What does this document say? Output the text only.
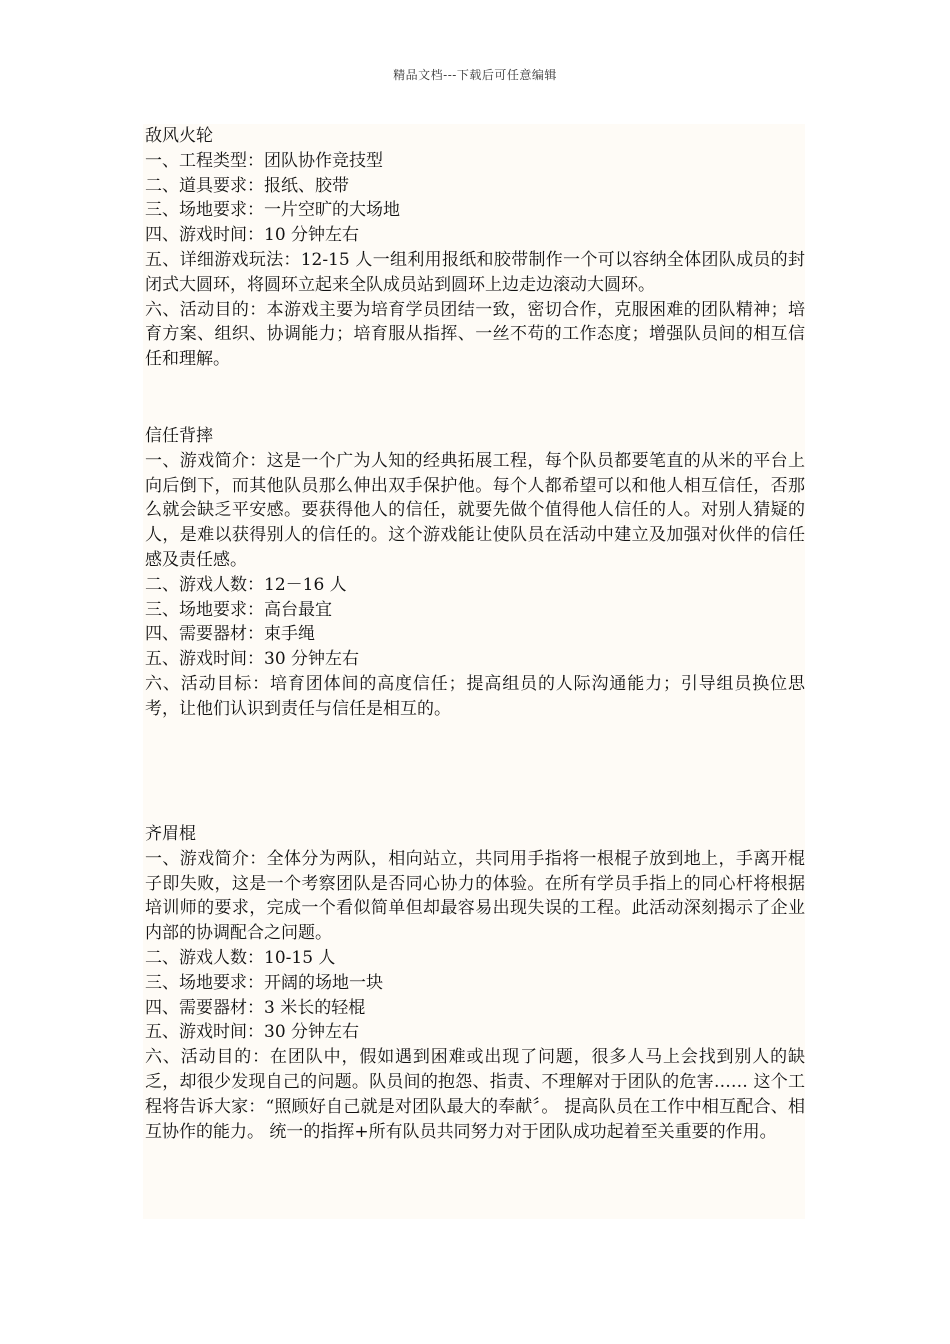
精品文档---下载后可任意编辑

敌风火轮

一、工程类型：团队协作竞技型

二、道具要求：报纸、胶带

三、场地要求：一片空旷的大场地

四、游戏时间：10 分钟左右

五、详细游戏玩法：12-15 人一组利用报纸和胶带制作一个可以容纳全体团队成员的封闭式大圆环，将圆环立起来全队成员站到圆环上边走边滚动大圆环。

六、活动目的：本游戏主要为培育学员团结一致，密切合作，克服困难的团队精神；培育方案、组织、协调能力；培育服从指挥、一丝不苟的工作态度；增强队员间的相互信任和理解。

信任背摔

一、游戏简介：这是一个广为人知的经典拓展工程，每个队员都要笔直的从米的平台上向后倒下，而其他队员那么伸出双手保护他。每个人都希望可以和他人相互信任，否那么就会缺乏平安感。要获得他人的信任，就要先做个值得他人信任的人。对别人猜疑的人，是难以获得别人的信任的。这个游戏能让使队员在活动中建立及加强对伙伴的信任感及责任感。

二、游戏人数：12－16 人

三、场地要求：高台最宜

四、需要器材：束手绳

五、游戏时间：30 分钟左右

六、活动目标：培育团体间的高度信任；提高组员的人际沟通能力；引导组员换位思考，让他们认识到责任与信任是相互的。

齐眉棍

一、游戏简介：全体分为两队，相向站立，共同用手指将一根棍子放到地上，手离开棍子即失败，这是一个考察团队是否同心协力的体验。在所有学员手指上的同心杆将根据培训师的要求，完成一个看似简单但却最容易出现失误的工程。此活动深刻揭示了企业内部的协调配合之问题。

二、游戏人数：10-15 人

三、场地要求：开阔的场地一块

四、需要器材：3 米长的轻棍

五、游戏时间：30 分钟左右

六、活动目的：在团队中，假如遇到困难或出现了问题，很多人马上会找到别人的缺乏，却很少发现自己的问题。队员间的抱怨、指责、不理解对于团队的危害…… 这个工程将告诉大家：“照顾好自己就是对团队最大的奉献〞。 提高队员在工作中相互配合、相互协作的能力。 统一的指挥+所有队员共同努力对于团队成功起着至关重要的作用。
